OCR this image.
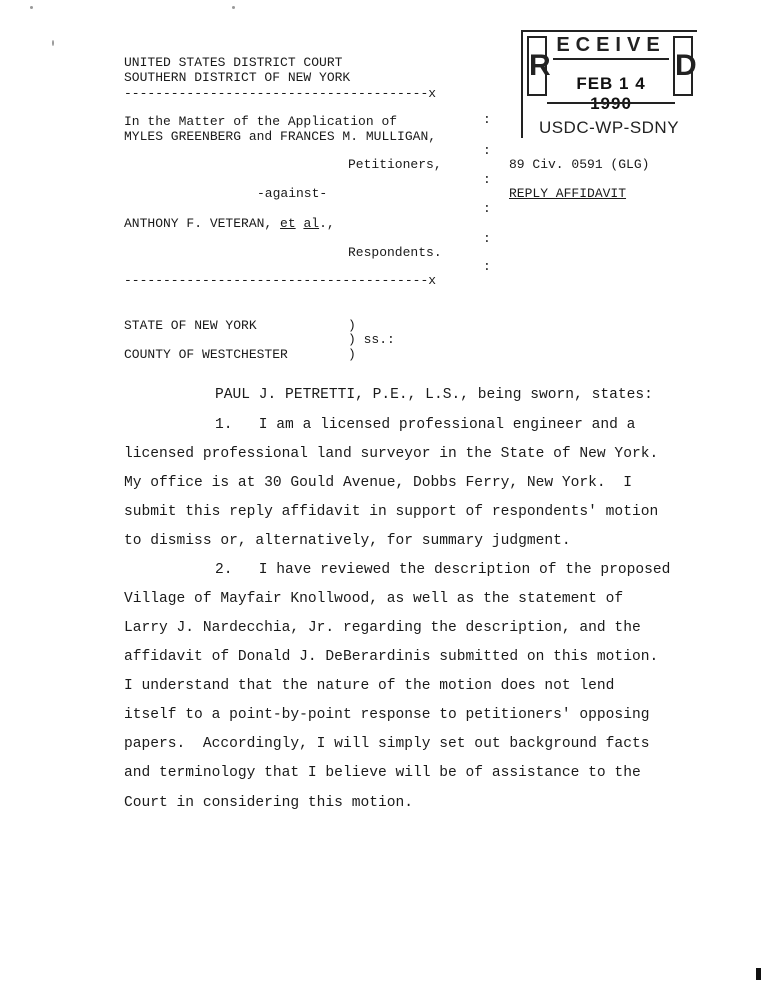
UNITED STATES DISTRICT COURT
SOUTHERN DISTRICT OF NEW YORK
---------------------------------------x
In the Matter of the Application of
MYLES GREENBERG and FRANCES M. MULLIGAN,
:
:
Petitioners,
:
-against-
:
ANTHONY F. VETERAN, et al.,
:
Respondents.
:
---------------------------------------x
89 Civ. 0591 (GLG)
REPLY AFFIDAVIT
R
ECEIVE
FEB 1 4 1990
D
USDC-WP-SDNY
STATE OF NEW YORK	)
) ss.:
COUNTY OF WESTCHESTER	)
PAUL J. PETRETTI, P.E., L.S., being sworn, states:
1.   I am a licensed professional engineer and a
licensed professional land surveyor in the State of New York.
My office is at 30 Gould Avenue, Dobbs Ferry, New York.  I
submit this reply affidavit in support of respondents' motion
to dismiss or, alternatively, for summary judgment.
2.   I have reviewed the description of the proposed
Village of Mayfair Knollwood, as well as the statement of
Larry J. Nardecchia, Jr. regarding the description, and the
affidavit of Donald J. DeBerardinis submitted on this motion.
I understand that the nature of the motion does not lend
itself to a point-by-point response to petitioners' opposing
papers.  Accordingly, I will simply set out background facts
and terminology that I believe will be of assistance to the
Court in considering this motion.
